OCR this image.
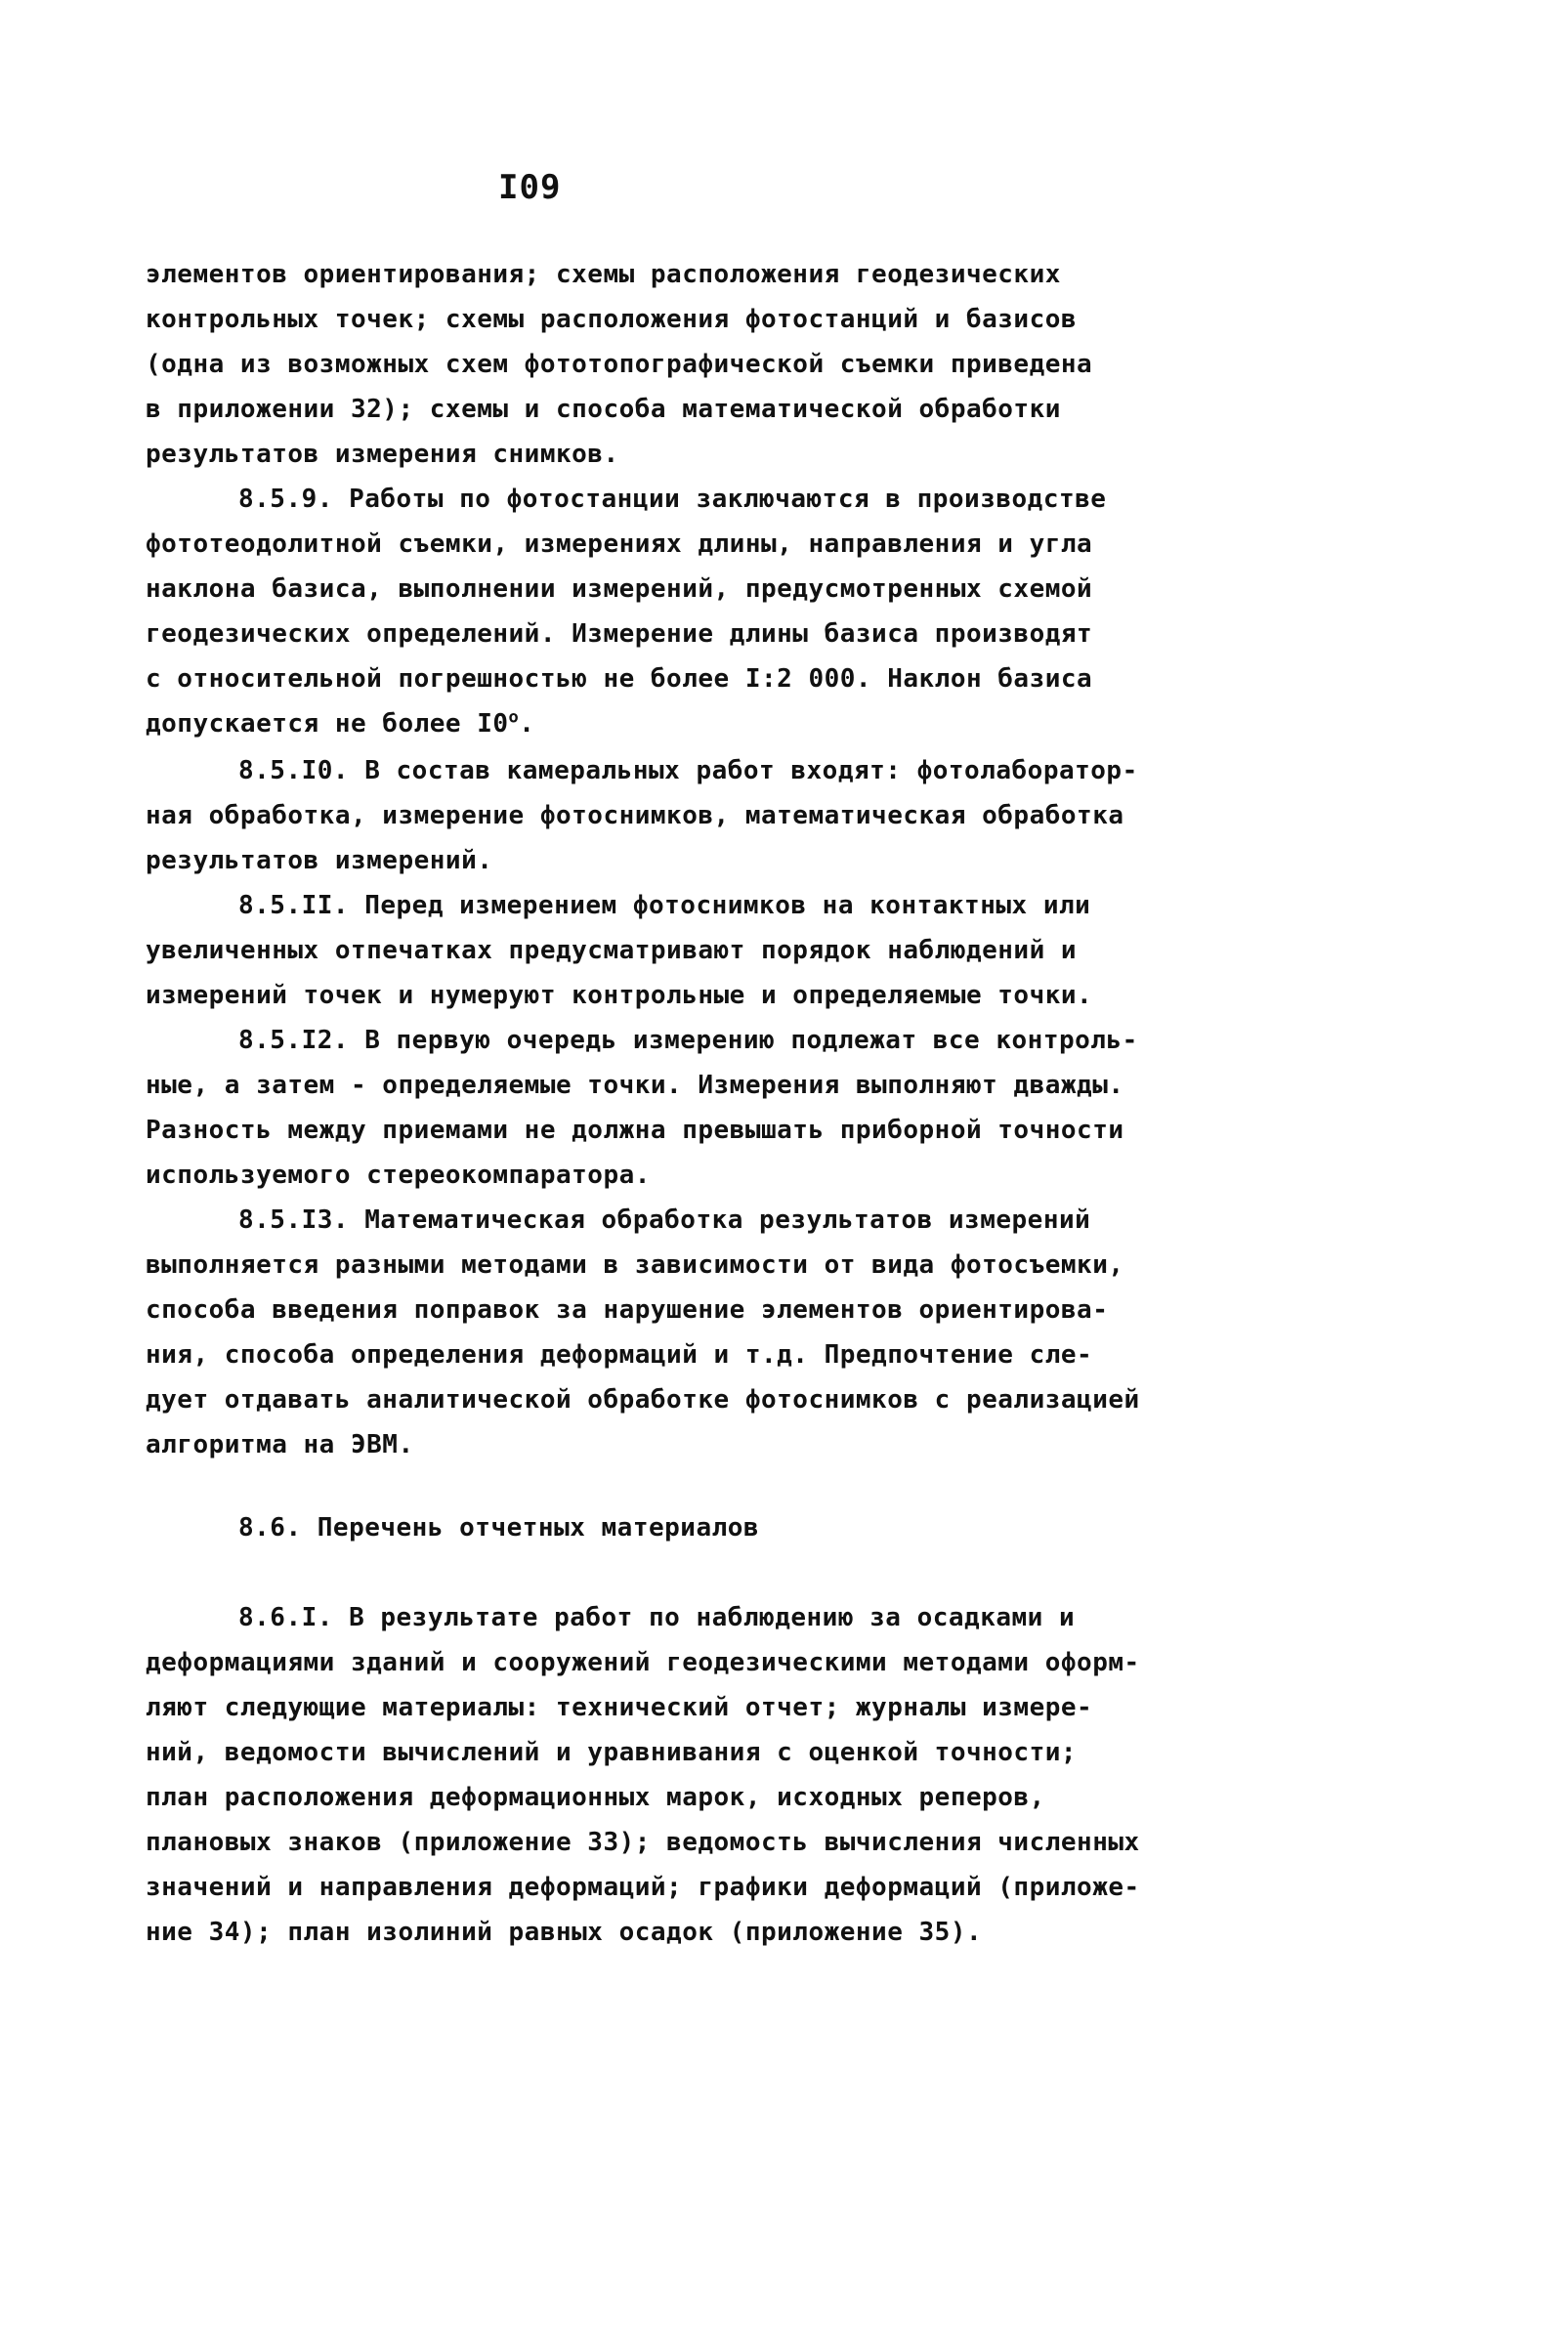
I09
элементов ориентирования; схемы расположения геодезических
контрольных точек; схемы расположения фотостанций и базисов
(одна из возможных схем фототопографической съемки приведена
в приложении 32); схемы и способа математической обработки
результатов измерения снимков.
8.5.9. Работы по фотостанции заключаются в производстве
фототеодолитной съемки, измерениях длины, направления и угла
наклона базиса, выполнении измерений, предусмотренных схемой
геодезических определений. Измерение длины базиса производят
с относительной погрешностью не более I:2 000. Наклон базиса
допускается не более $I0^о$.
8.5.I0. В состав камеральных работ входят: фотолаборатор-
ная обработка, измерение фотоснимков, математическая обработка
результатов измерений.
8.5.II. Перед измерением фотоснимков на контактных или
увеличенных отпечатках предусматривают порядок наблюдений и
измерений точек и нумеруют контрольные и определяемые точки.
8.5.I2. В первую очередь измерению подлежат все контроль-
ные, а затем - определяемые точки. Измерения выполняют дважды.
Разность между приемами не должна превышать приборной точности
используемого стереокомпаратора.
8.5.I3. Математическая обработка результатов измерений
выполняется разными методами в зависимости от вида фотосъемки,
способа введения поправок за нарушение элементов ориентирова-
ния, способа определения деформаций и т.д. Предпочтение сле-
дует отдавать аналитической обработке фотоснимков с реализацией
алгоритма на ЭВМ.
8.6. Перечень отчетных материалов
8.6.I. В результате работ по наблюдению за осадками и
деформациями зданий и сооружений геодезическими методами оформ-
ляют следующие материалы: технический отчет; журналы измере-
ний, ведомости вычислений и уравнивания с оценкой точности;
план расположения деформационных марок, исходных реперов,
плановых знаков (приложение 33); ведомость вычисления численных
значений и направления деформаций; графики деформаций (приложе-
ние 34); план изолиний равных осадок (приложение 35).
